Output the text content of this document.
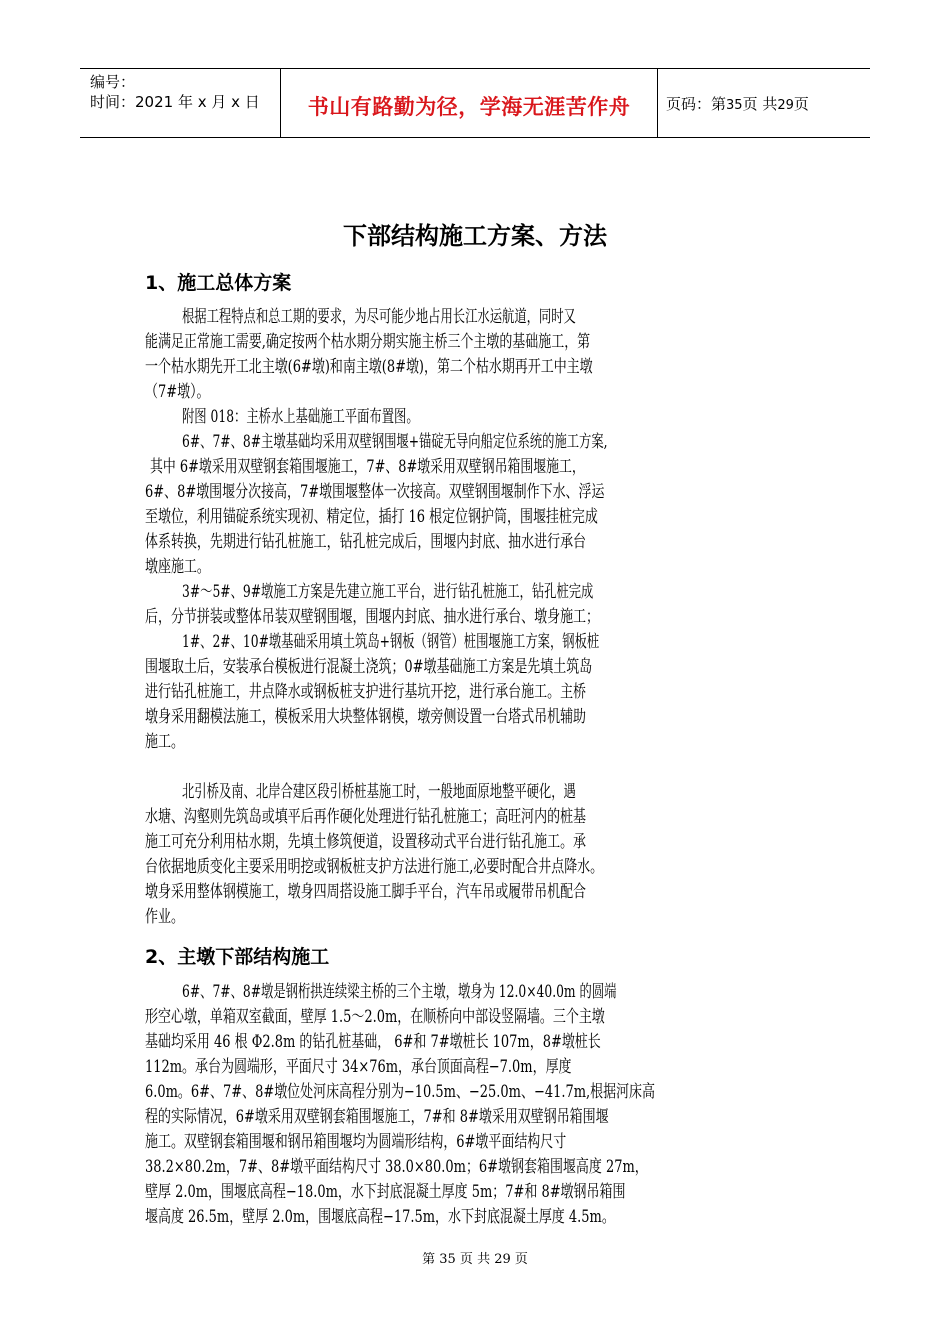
编号：
时间：2021 年 x 月 x 日	书山有路勤为径，学海无涯苦作舟	页码：第35页 共29页
下部结构施工方案、方法
1、施工总体方案
根据工程特点和总工期的要求，为尽可能少地占用长江水运航道，同时又
能满足正常施工需要,确定按两个枯水期分期实施主桥三个主墩的基础施工，第
一个枯水期先开工北主墩(6#墩)和南主墩(8#墩)，第二个枯水期再开工中主墩
（7#墩）。
附图 018：主桥水上基础施工平面布置图。
6#、7#、8#主墩基础均采用双壁钢围堰+锚碇无导向船定位系统的施工方案,
其中 6#墩采用双壁钢套箱围堰施工，7#、8#墩采用双壁钢吊箱围堰施工，
6#、8#墩围堰分次接高，7#墩围堰整体一次接高。双壁钢围堰制作下水、浮运
至墩位，利用锚碇系统实现初、精定位，插打 16 根定位钢护筒，围堰挂桩完成
体系转换，先期进行钻孔桩施工，钻孔桩完成后，围堰内封底、抽水进行承台
墩座施工。
3#～5#、9#墩施工方案是先建立施工平台，进行钻孔桩施工，钻孔桩完成
后，分节拼装或整体吊装双壁钢围堰，围堰内封底、抽水进行承台、墩身施工；
1#、2#、10#墩基础采用填土筑岛+钢板（钢管）桩围堰施工方案，钢板桩
围堰取土后，安装承台模板进行混凝土浇筑；0#墩基础施工方案是先填土筑岛
进行钻孔桩施工，井点降水或钢板桩支护进行基坑开挖，进行承台施工。主桥
墩身采用翻模法施工，模板采用大块整体钢模，墩旁侧设置一台塔式吊机辅助
施工。
北引桥及南、北岸合建区段引桥桩基施工时，一般地面原地整平硬化，遇
水塘、沟壑则先筑岛或填平后再作硬化处理进行钻孔桩施工；高旺河内的桩基
施工可充分利用枯水期，先填土修筑便道，设置移动式平台进行钻孔施工。承
台依据地质变化主要采用明挖或钢板桩支护方法进行施工,必要时配合井点降水。
墩身采用整体钢模施工，墩身四周搭设施工脚手平台，汽车吊或履带吊机配合
作业。
2、主墩下部结构施工
6#、7#、8#墩是钢桁拱连续梁主桥的三个主墩，墩身为 12.0×40.0m 的圆端
形空心墩，单箱双室截面，壁厚 1.5～2.0m，在顺桥向中部设竖隔墙。三个主墩
基础均采用 46 根 Φ2.8m 的钻孔桩基础， 6#和 7#墩桩长 107m，8#墩桩长
112m。承台为圆端形，平面尺寸 34×76m，承台顶面高程−7.0m，厚度
6.0m。6#、7#、8#墩位处河床高程分别为−10.5m、−25.0m、−41.7m,根据河床高
程的实际情况，6#墩采用双壁钢套箱围堰施工，7#和 8#墩采用双壁钢吊箱围堰
施工。双壁钢套箱围堰和钢吊箱围堰均为圆端形结构，6#墩平面结构尺寸
38.2×80.2m，7#、8#墩平面结构尺寸 38.0×80.0m；6#墩钢套箱围堰高度 27m，
壁厚 2.0m，围堰底高程−18.0m，水下封底混凝土厚度 5m；7#和 8#墩钢吊箱围
堰高度 26.5m，壁厚 2.0m，围堰底高程−17.5m，水下封底混凝土厚度 4.5m。
第 35 页 共 29 页
